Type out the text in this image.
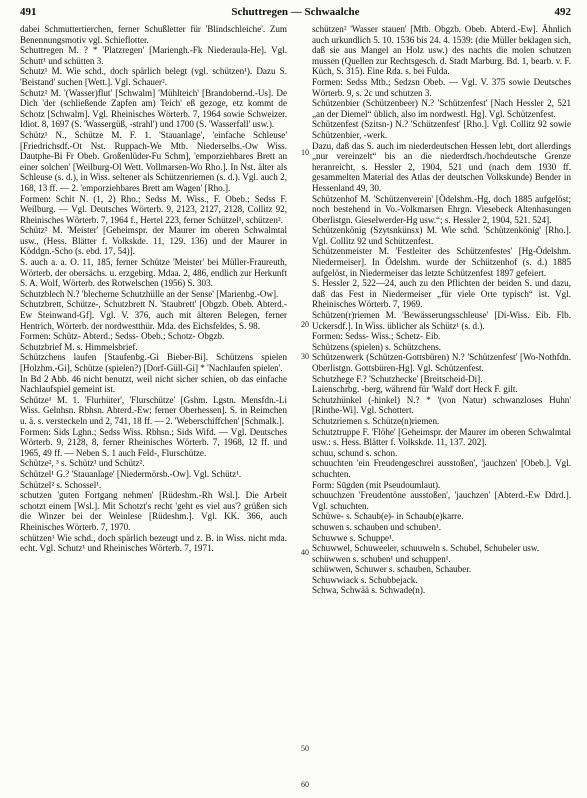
491	Schuttregen — Schwaalche	492

dabei Schmuttertierchen, ferner Schußletter für 'Blindschleiche'. Zum Benennungsmotiv vgl. Schieflotter.

Schuttregen M. ? * 'Platzregen' [Mariengh.-Fk Niederaula-He]. Vgl. Schutt¹ und schütten 3.

Schutz¹ M. Wie schd., doch spärlich belegt (vgl. schützen¹). Dazu S. 'Beistand' suchen [Wett.]. Vgl. Schauer².

Schutz² M. '(Wasser)flut' [Schwalm] 'Mühlteich' [Brandobernd.-Us]. De Dich 'der (schließende Zapfen am) Teich' eß gezoge, etz kommt de Schotz [Schwalm]. Vgl. Rheinisches Wörterb. 7, 1964 sowie Schweizer. Idiot. 8, 1697 (S. 'Wassergüß, -strahl') und 1700 (S. 'Wasserfall' usw.).

Schütz¹ N., Schütze M. F. 1. 'Stauanlage', 'einfache Schleuse' [Friedrichsdf.-Ot Nst. Ruppach-We Mtb. Niederselbs.-Ow Wiss. Dautphe-Bi Fr Obeb. Großenlüder-Fu Schm], 'emporziehbares Brett an einer solchen' [Weilburg-Ol Wett. Vollmarsen-Wo Rho.]. In Nst. älter als Schleuse (s. d.), in Wiss. seltener als Schützenriemen (s. d.). Vgl. auch 2, 168, 13 ff. — 2. 'emporziehbares Brett am Wagen' [Rho.].

Formen: Schit N. (1, 2) Rho.; Sedss M. Wiss., F. Obeb.; Sedss F. Weilburg. — Vgl. Deutsches Wörterb. 9, 2123, 2127, 2128, Collitz 92, Rheinisches Wörterb. 7, 1964 f., Hertel 223, ferner Schützel¹, schützen².

Schütz² M. 'Meister' [Geheimspr. der Maurer im oberen Schwalmtal usw., (Hess. Blätter f. Volkskde. 11, 129. 136) und der Maurer in Köddgn.-Scho (s. ebd. 17, 54)].

S. auch a. a. O. 11, 185, ferner Schütze 'Meister' bei Müller-Fraureuth, Wörterb. der obersächs. u. erzgebirg. Mdaa. 2, 486, endlich zur Herkunft S. A. Wolf, Wörterb. des Rotwelschen (1956) S. 303.

Schutzblech N.? 'blecherne Schutzhülle an der Sense' [Marienbg.-Ow].

Schutzbrett, Schütze-, Schutzbrett N. 'Staubrett' [Obgzb. Obeb. Abterd.-Ew Steinwand-Gf]. Vgl. V. 376, auch mit älteren Belegen, ferner Hentrich, Wörterb. der nordwestthür. Mda. des Eichsfeldes, S. 98.

Formen: Schütz- Abterd.; Sedss- Obeb.; Schotz- Obgzb.

Schutzbrief M. s. Himmelsbrief.

Schützchens laufen [Staufenbg.-Gi Bieber-Bi]. Schützens spielen [Holzhm.-Gi], Schütze (spielen?) [Dorf-Güll-Gi] * 'Nachlaufen spielen'.

In Bd 2 Abb. 46 nicht benutzt, weil nicht sicher schien, ob das einfache Nachlaufspiel gemeint ist.

Schütze¹ M. 1. 'Flurhüter', 'Flurschütze' [Gshm. Lgstn. Mensfdn.-Li Wiss. Gelnhsn. Rbhsn. Abterd.-Ew; ferner Oberhessen]. S. in Reimchen u. ä. s. versteckeln und 2, 741, 18 ff. — 2. 'Weberschiffchen' [Schmalk.].

Formen: Sids Lghn.; Sedss Wiss. Rbhsn.; Sids Wifd. — Vgl. Deutsches Wörterb. 9, 2128, 8, ferner Rheinisches Wörterb. 7, 1968, 12 ff. und 1965, 49 ff. — Neben S. 1 auch Feld-, Flurschütze.

Schütze², ³ s. Schütz¹ und Schütz².

Schützel¹ G.? 'Stauanlage' [Niedermörsb.-Ow]. Vgl. Schütz¹.

Schützel² s. Schossel¹.

schutzen 'guten Fortgang nehmen' [Rüdeshm.-Rh Wsl.]. Die Arbeit schotzt einem [Wsl.]. Mit Schotzt's recht 'geht es viel aus'? grüßen sich die Winzer bei der Weinlese [Rüdeshm.]. Vgl. KK. 366, auch Rheinisches Wörterb. 7, 1970.

schützen¹ Wie schd., doch spärlich bezeugt und z. B. in Wiss. nicht mda. echt. Vgl. Schutz¹ und Rheinisches Wörterb. 7, 1971.

10
20
30
40
50
60

schützen² 'Wasser stauen' [Mtb. Obgzb. Obeb. Abterd.-Ew]. Ähnlich auch urkundlich 5. 10. 1536 bis 24. 4. 1539: (die Müller beklagen sich, daß sie aus Mangel an Holz usw.) des nachts die molen schutzen mussen (Quellen zur Rechtsgesch. d. Stadt Marburg. Bd. 1, bearb. v. F. Küch, S. 315). Eine Rda. s. bei Fulda.

Formen: Sedss Mtb.; Sedzsn Obeb. — Vgl. V. 375 sowie Deutsches Wörterb. 9, s. 2c und schutzen 3.

Schützenbier (Schützenbeer) N.? 'Schützenfest' [Nach Hessler 2, 521 „an der Diemel“ üblich, also im nordwestl. Hg]. Vgl. Schützenfest.

Schützenfest (Szitsn-) N.? 'Schützenfest' [Rho.]. Vgl. Collitz 92 sowie Schützenbier, -werk.

Dazu, daß das S. auch im niederdeutschen Hessen lebt, dort allerdings „nur vereinzelt“ bis an die niederdtsch./hochdeutsche Grenze heranreicht, s. Hessler 2, 1904, 521 und (nach dem 1930 ff. gesammelten Material des Atlas der deutschen Volkskunde) Bender in Hessenland 49, 30.

Schützenhof M. 'Schützenverein' [Ödelshm.-Hg, doch 1885 aufgelöst; noch bestehend in Vo.-Volkmarsen Ehrgn. Viesebeck Altenhasungen Oberlistgn. Gieselwerder-Hg usw.“; s. Hessler 2, 1904, 521. 524].

Schützenkönig (Szytsnkünsx) M. Wie schd. 'Schützenkönig' [Rho.]. Vgl. Collitz 92 und Schützenfest.

Schützenmeister M. 'Festleiter des Schützenfestes' [Hg-Ödelshm. Niedermeiser]. In Ödelshm. wurde der Schützenhof (s. d.) 1885 aufgelöst, in Niedermeiser das letzte Schützenfest 1897 gefeiert.

S. Hessler 2, 522—24, auch zu den Pflichten der beiden S. und dazu, daß das Fest in Niedermeiser „für viele Orte typisch“ ist. Vgl. Rheinisches Wörterb. 7, 1969.

Schützen(r)riemen M. 'Bewässerungsschleuse' [Di-Wiss. Eib. Flb. Uckersdf.]. In Wiss. üblicher als Schütz¹ (s. d.).

Formen: Sedss- Wiss.; Schetz- Eib.

Schützens (spielen) s. Schützchens.

Schützenwerk (Schützen-Gottsbüren) N.? 'Schützenfest' [Wo-Nothfdn. Oberlistgn. Gottsbüren-Hg]. Vgl. Schützenfest.

Schutzhege F.? 'Schutzhecke' [Breitscheid-Di].

Laienschrbg. -berg, während für 'Wald' dort Heck F. gilt.

Schutzhünkel (-hinkel) N.? * '(von Natur) schwanzloses Huhn' [Rinthe-Wi]. Vgl. Schottert.

Schutzriemen s. Schütze(n)riemen.

Schutztruppe F. 'Flöhe' [Geheimspr. der Maurer im oberen Schwalmtal usw.: s. Hess. Blätter f. Volkskde. 11, 137. 202].

schuu, schund s. schon.

schuuchten 'ein Freudengeschrei ausstoßen', 'jauchzen' [Obeb.]. Vgl. schuchten.

Form: Sūgden (mit Pseudoumlaut).

schuuchzen 'Freudentöne ausstoßen', 'jauchzen' [Abterd.-Ew Ddrd.]. Vgl. schuchten.

Schüwe- s. Schaub(e)- in Schaub(e)karre.

schuwen s. schauben und schuben¹.

Schuwwe s. Schuppe¹.

Schuwwel, Schuweeler, schuuweln s. Schubel, Schubeler usw.

schüwwen s. schuben¹ und schuppen¹.

schüwwen, Schuwer s. schauben, Schauber.

Schuwwiack s. Schubbejack.

Schwa, Schwää s. Schwade(n).
